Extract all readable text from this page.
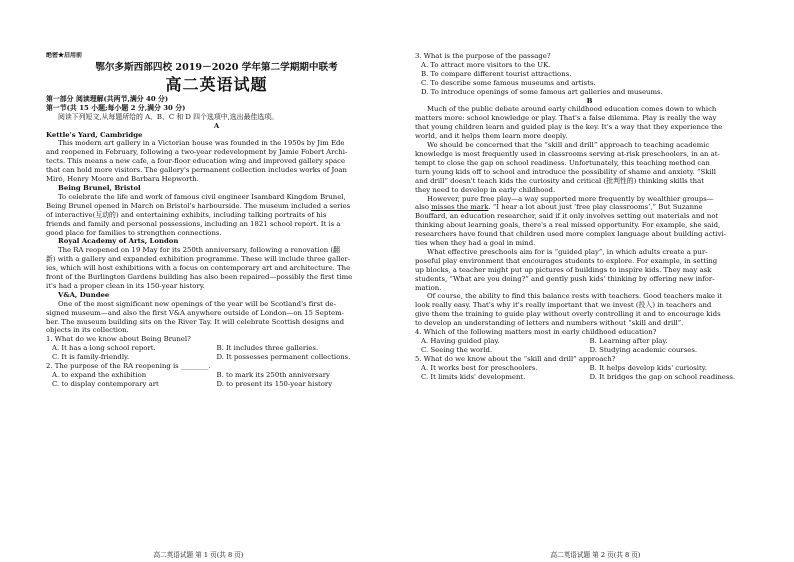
绝密★启用前
鄂尔多斯西部四校 2019－2020 学年第二学期期中联考
高二英语试题
第一部分 阅读理解(共两节,满分 40 分)
第一节(共 15 小题;每小题 2 分,满分 30 分)
阅读下列短文,从每题所给的 A、B、C 和 D 四个选项中,选出最佳选项。
A
Kettle's Yard, Cambridge
This modern art gallery in a Victorian house was founded in the 1950s by Jim Ede
and reopened in February, following a two-year redevelopment by Jamie Fobert Archi-
tects. This means a new cafe, a four-floor education wing and improved gallery space
that can hold more visitors. The gallery's permanent collection includes works of Joan
Miró, Henry Moore and Barbara Hepworth.
Being Brunel, Bristol
To celebrate the life and work of famous civil engineer Isambard Kingdom Brunel,
Being Brunel opened in March on Bristol's harbourside. The museum included a series
of interactive(互动的) and entertaining exhibits, including talking portraits of his
friends and family and personal possessions, including an 1821 school report. It is a
good place for families to strengthen connections.
Royal Academy of Arts, London
The RA reopened on 19 May for its 250th anniversary, following a renovation (翻
新) with a gallery and expanded exhibition programme. These will include three galler-
ies, which will host exhibitions with a focus on contemporary art and architecture. The
front of the Burlington Gardens building has also been repaired—possibly the first time
it's had a proper clean in its 150-year history.
V&A, Dundee
One of the most significant new openings of the year will be Scotland's first de-
signed museum—and also the first V&A anywhere outside of London—on 15 Septem-
ber. The museum building sits on the River Tay. It will celebrate Scottish designs and
objects in its collection.
1. What do we know about Being Brunel?
A. It has a long school report.	B. It includes three galleries.
C. It is family-friendly.	D. It possesses permanent collections.
2. The purpose of the RA reopening is ________.
A. to expand the exhibition	B. to mark its 250th anniversary
C. to display contemporary art	D. to present its 150-year history
高二英语试题 第 1 页(共 8 页)
3. What is the purpose of the passage?
A. To attract more visitors to the UK.
B. To compare different tourist attractions.
C. To describe some famous museums and artists.
D. To introduce openings of some famous art galleries and museums.
B
Much of the public debate around early childhood education comes down to which
matters more: school knowledge or play. That's a false dilemma. Play is really the way
that young children learn and guided play is the key. It's a way that they experience the
world, and it helps them learn more deeply.
We should be concerned that the “skill and drill” approach to teaching academic
knowledge is most frequently used in classrooms serving at-risk preschoolers, in an at-
tempt to close the gap on school readiness. Unfortunately, this teaching method can
turn young kids off to school and introduce the possibility of shame and anxiety. “Skill
and drill” doesn't teach kids the curiosity and critical (批判性的) thinking skills that
they need to develop in early childhood.
However, pure free play—a way supported more frequently by wealthier groups—
also misses the mark. “I hear a lot about just ‘free play classrooms’,” But Suzanne
Bouffard, an education researcher, said if it only involves setting out materials and not
thinking about learning goals, there's a real missed opportunity. For example, she said,
researchers have found that children used more complex language about building activi-
ties when they had a goal in mind.
What effective preschools aim for is “guided play”, in which adults create a pur-
poseful play environment that encourages students to explore. For example, in setting
up blocks, a teacher might put up pictures of buildings to inspire kids. They may ask
students, “What are you doing?” and gently push kids' thinking by offering new infor-
mation.
Of course, the ability to find this balance rests with teachers. Good teachers make it
look really easy. That's why it's really important that we invest (投入) in teachers and
give them the training to guide play without overly controlling it and to encourage kids
to develop an understanding of letters and numbers without “skill and drill”.
4. Which of the following matters most in early childhood education?
A. Having guided play.	B. Learning after play.
C. Seeing the world.	D. Studying academic courses.
5. What do we know about the “skill and drill” approach?
A. It works best for preschoolers.	B. It helps develop kids' curiosity.
C. It limits kids' development.	D. It bridges the gap on school readiness.
高二英语试题 第 2 页(共 8 页)
